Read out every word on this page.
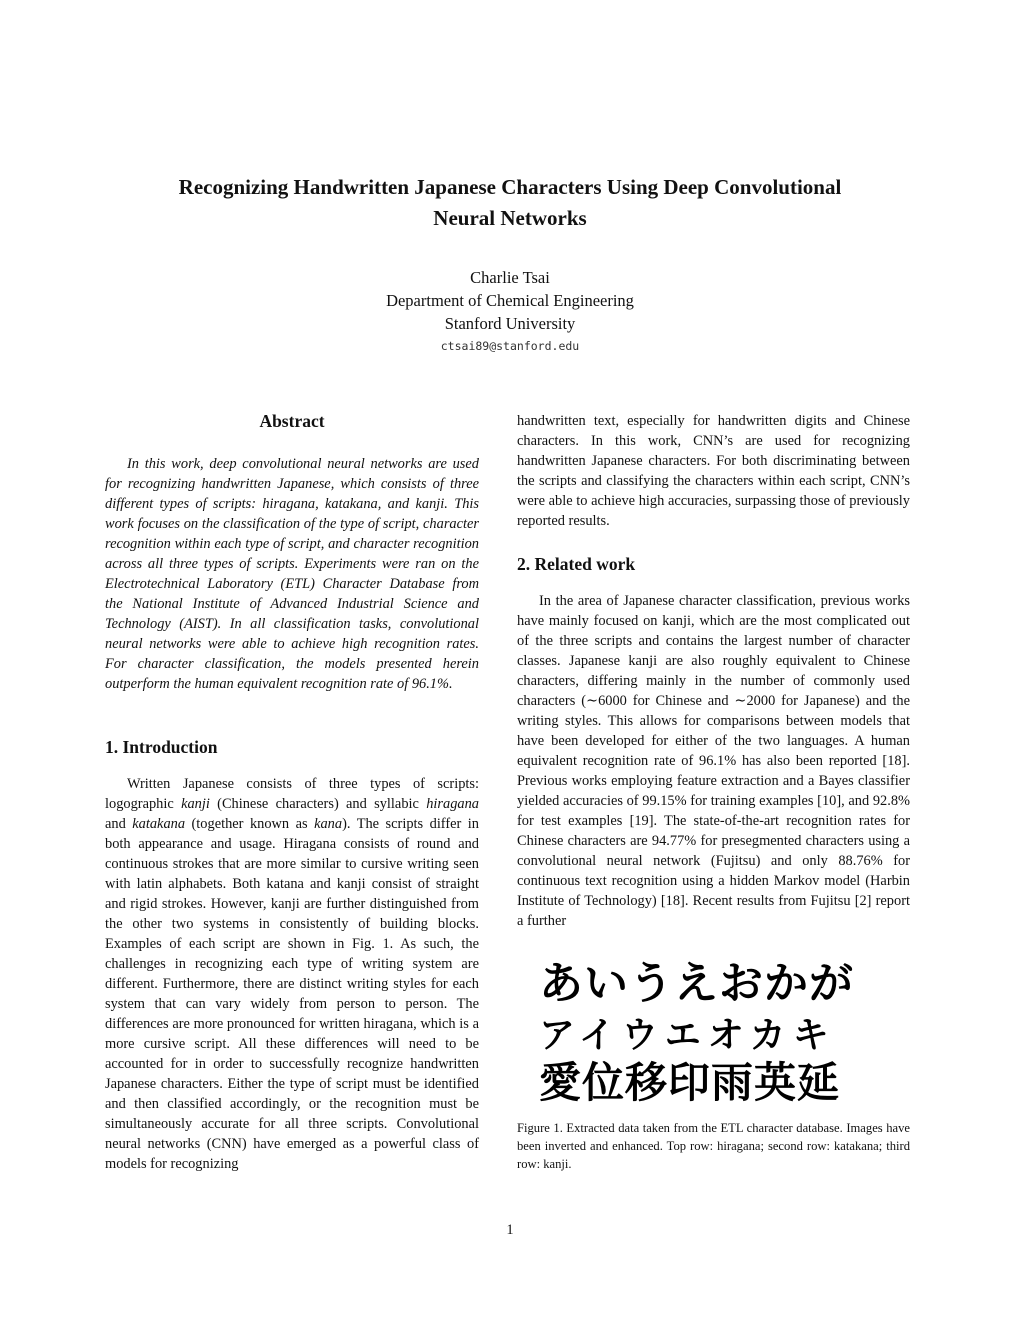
Recognizing Handwritten Japanese Characters Using Deep Convolutional
Neural Networks
Charlie Tsai
Department of Chemical Engineering
Stanford University
ctsai89@stanford.edu
Abstract

In this work, deep convolutional neural networks are used for recognizing handwritten Japanese, which consists of three different types of scripts: hiragana, katakana, and kanji. This work focuses on the classification of the type of script, character recognition within each type of script, and character recognition across all three types of scripts. Experiments were ran on the Electrotechnical Laboratory (ETL) Character Database from the National Institute of Advanced Industrial Science and Technology (AIST). In all classification tasks, convolutional neural networks were able to achieve high recognition rates. For character classification, the models presented herein outperform the human equivalent recognition rate of 96.1%.

1. Introduction

Written Japanese consists of three types of scripts: logographic kanji (Chinese characters) and syllabic hiragana and katakana (together known as kana). The scripts differ in both appearance and usage. Hiragana consists of round and continuous strokes that are more similar to cursive writing seen with latin alphabets. Both katana and kanji consist of straight and rigid strokes. However, kanji are further distinguished from the other two systems in consistently of building blocks. Examples of each script are shown in Fig. 1. As such, the challenges in recognizing each type of writing system are different. Furthermore, there are distinct writing styles for each system that can vary widely from person to person. The differences are more pronounced for written hiragana, which is a more cursive script. All these differences will need to be accounted for in order to successfully recognize handwritten Japanese characters. Either the type of script must be identified and then classified accordingly, or the recognition must be simultaneously accurate for all three scripts. Convolutional neural networks (CNN) have emerged as a powerful class of models for recognizing

handwritten text, especially for handwritten digits and Chinese characters. In this work, CNN’s are used for recognizing handwritten Japanese characters. For both discriminating between the scripts and classifying the characters within each script, CNN’s were able to achieve high accuracies, surpassing those of previously reported results.

2. Related work

In the area of Japanese character classification, previous works have mainly focused on kanji, which are the most complicated out of the three scripts and contains the largest number of character classes. Japanese kanji are also roughly equivalent to Chinese characters, differing mainly in the number of commonly used characters (∼6000 for Chinese and ∼2000 for Japanese) and the writing styles. This allows for comparisons between models that have been developed for either of the two languages. A human equivalent recognition rate of 96.1% has also been reported [18]. Previous works employing feature extraction and a Bayes classifier yielded accuracies of 99.15% for training examples [10], and 92.8% for test examples [19]. The state-of-the-art recognition rates for Chinese characters are 94.77% for presegmented characters using a convolutional neural network (Fujitsu) and only 88.76% for continuous text recognition using a hidden Markov model (Harbin Institute of Technology) [18]. Recent results from Fujitsu [2] report a further

あいうえおかが
アイウエオカキ
愛位移印雨英延
Figure 1. Extracted data taken from the ETL character database. Images have been inverted and enhanced. Top row: hiragana; second row: katakana; third row: kanji.
1
